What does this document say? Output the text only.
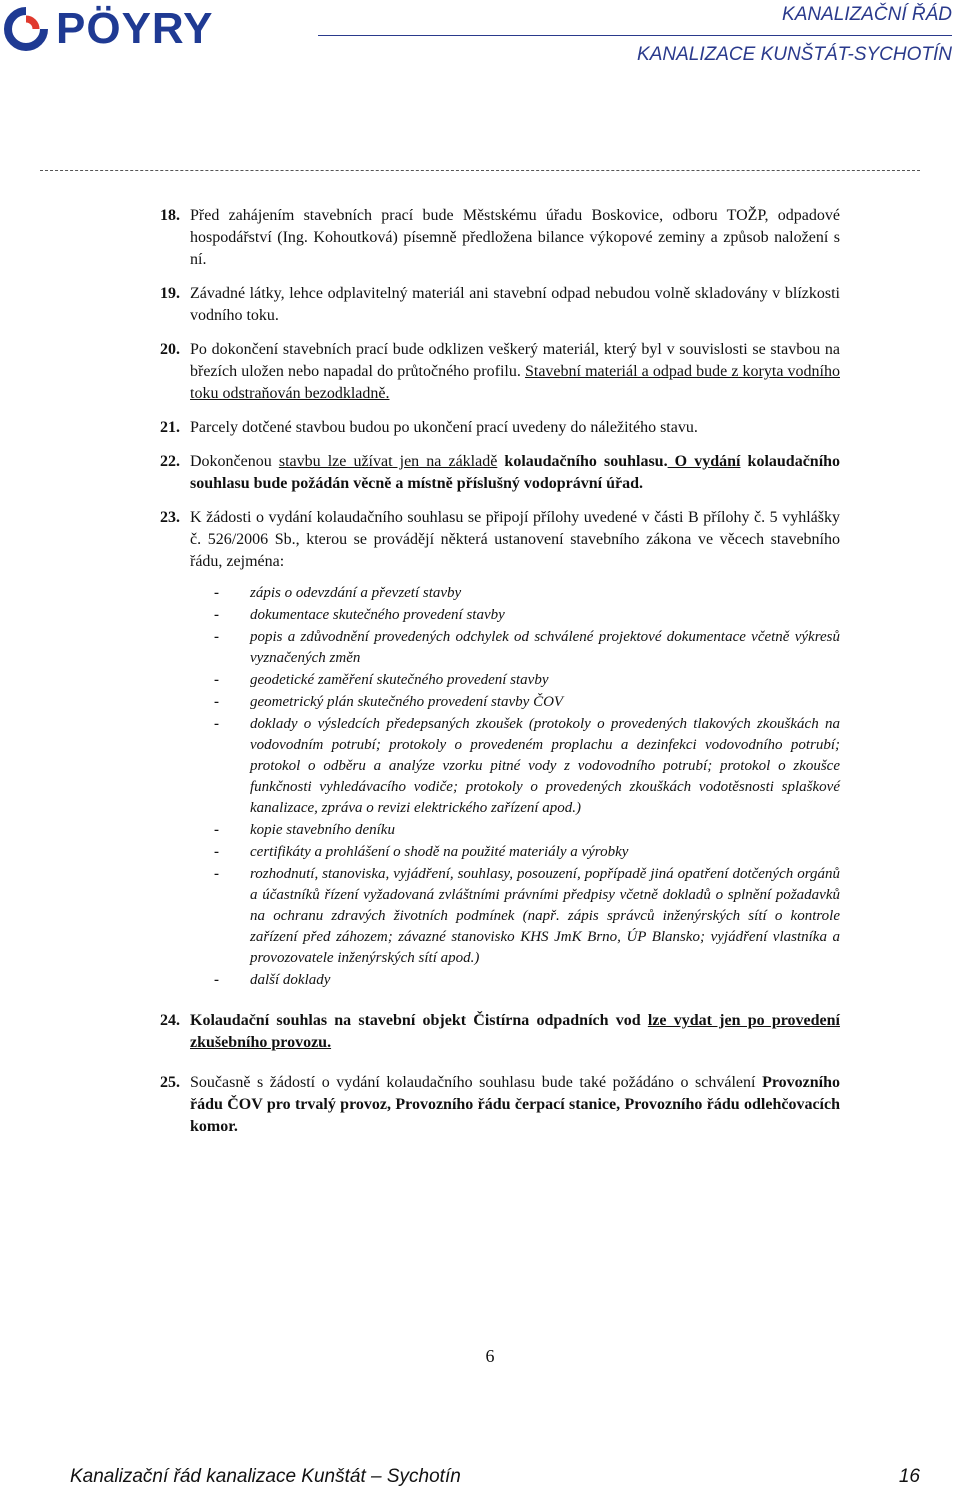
PÖYRY	KANALIZAČNÍ ŘÁD
KANALIZACE KUNŠTÁT-SYCHOTÍN
18. Před zahájením stavebních prací bude Městskému úřadu Boskovice, odboru TOŽP, odpadové hospodářství (Ing. Kohoutková) písemně předložena bilance výkopové zeminy a způsob naložení s ní.
19. Závadné látky, lehce odplavitelný materiál ani stavební odpad nebudou volně skladovány v blízkosti vodního toku.
20. Po dokončení stavebních prací bude odklizen veškerý materiál, který byl v souvislosti se stavbou na březích uložen nebo napadal do průtočného profilu. Stavební materiál a odpad bude z koryta vodního toku odstraňován bezodkladně.
21. Parcely dotčené stavbou budou po ukončení prací uvedeny do náležitého stavu.
22. Dokončenou stavbu lze užívat jen na základě kolaudačního souhlasu. O vydání kolaudačního souhlasu bude požádán věcně a místně příslušný vodoprávní úřad.
23. K žádosti o vydání kolaudačního souhlasu se připojí přílohy uvedené v části B přílohy č. 5 vyhlášky č. 526/2006 Sb., kterou se provádějí některá ustanovení stavebního zákona ve věcech stavebního řádu, zejména:
-	zápis o odevzdání a převzetí stavby
-	dokumentace skutečného provedení stavby
-	popis a zdůvodnění provedených odchylek od schválené projektové dokumentace včetně výkresů vyznačených změn
-	geodetické zaměření skutečného provedení stavby
-	geometrický plán skutečného provedení stavby ČOV
-	doklady o výsledcích předepsaných zkoušek (protokoly o provedených tlakových zkouškách na vodovodním potrubí; protokoly o provedeném proplachu a dezinfekci vodovodního potrubí; protokol o odběru a analýze vzorku pitné vody z vodovodního potrubí; protokol o zkoušce funkčnosti vyhledávacího vodiče; protokoly o provedených zkouškách vodotěsnosti splaškové kanalizace, zpráva o revizi elektrického zařízení apod.)
-	kopie stavebního deníku
-	certifikáty a prohlášení o shodě na použité materiály a výrobky
-	rozhodnutí, stanoviska, vyjádření, souhlasy, posouzení, popřípadě jiná opatření dotčených orgánů a účastníků řízení vyžadovaná zvláštními právními předpisy včetně dokladů o splnění požadavků na ochranu zdravých životních podmínek (např. zápis správců inženýrských sítí o kontrole zařízení před záhozem; závazné stanovisko KHS JmK Brno, ÚP Blansko; vyjádření vlastníka a provozovatele inženýrských sítí apod.)
-	další doklady
24. Kolaudační souhlas na stavební objekt Čistírna odpadních vod lze vydat jen po provedení zkušebního provozu.
25. Současně s žádostí o vydání kolaudačního souhlasu bude také požádáno o schválení Provozního řádu ČOV pro trvalý provoz, Provozního řádu čerpací stanice, Provozního řádu odlehčovacích komor.
6
Kanalizační řád kanalizace Kunštát – Sychotín	16
